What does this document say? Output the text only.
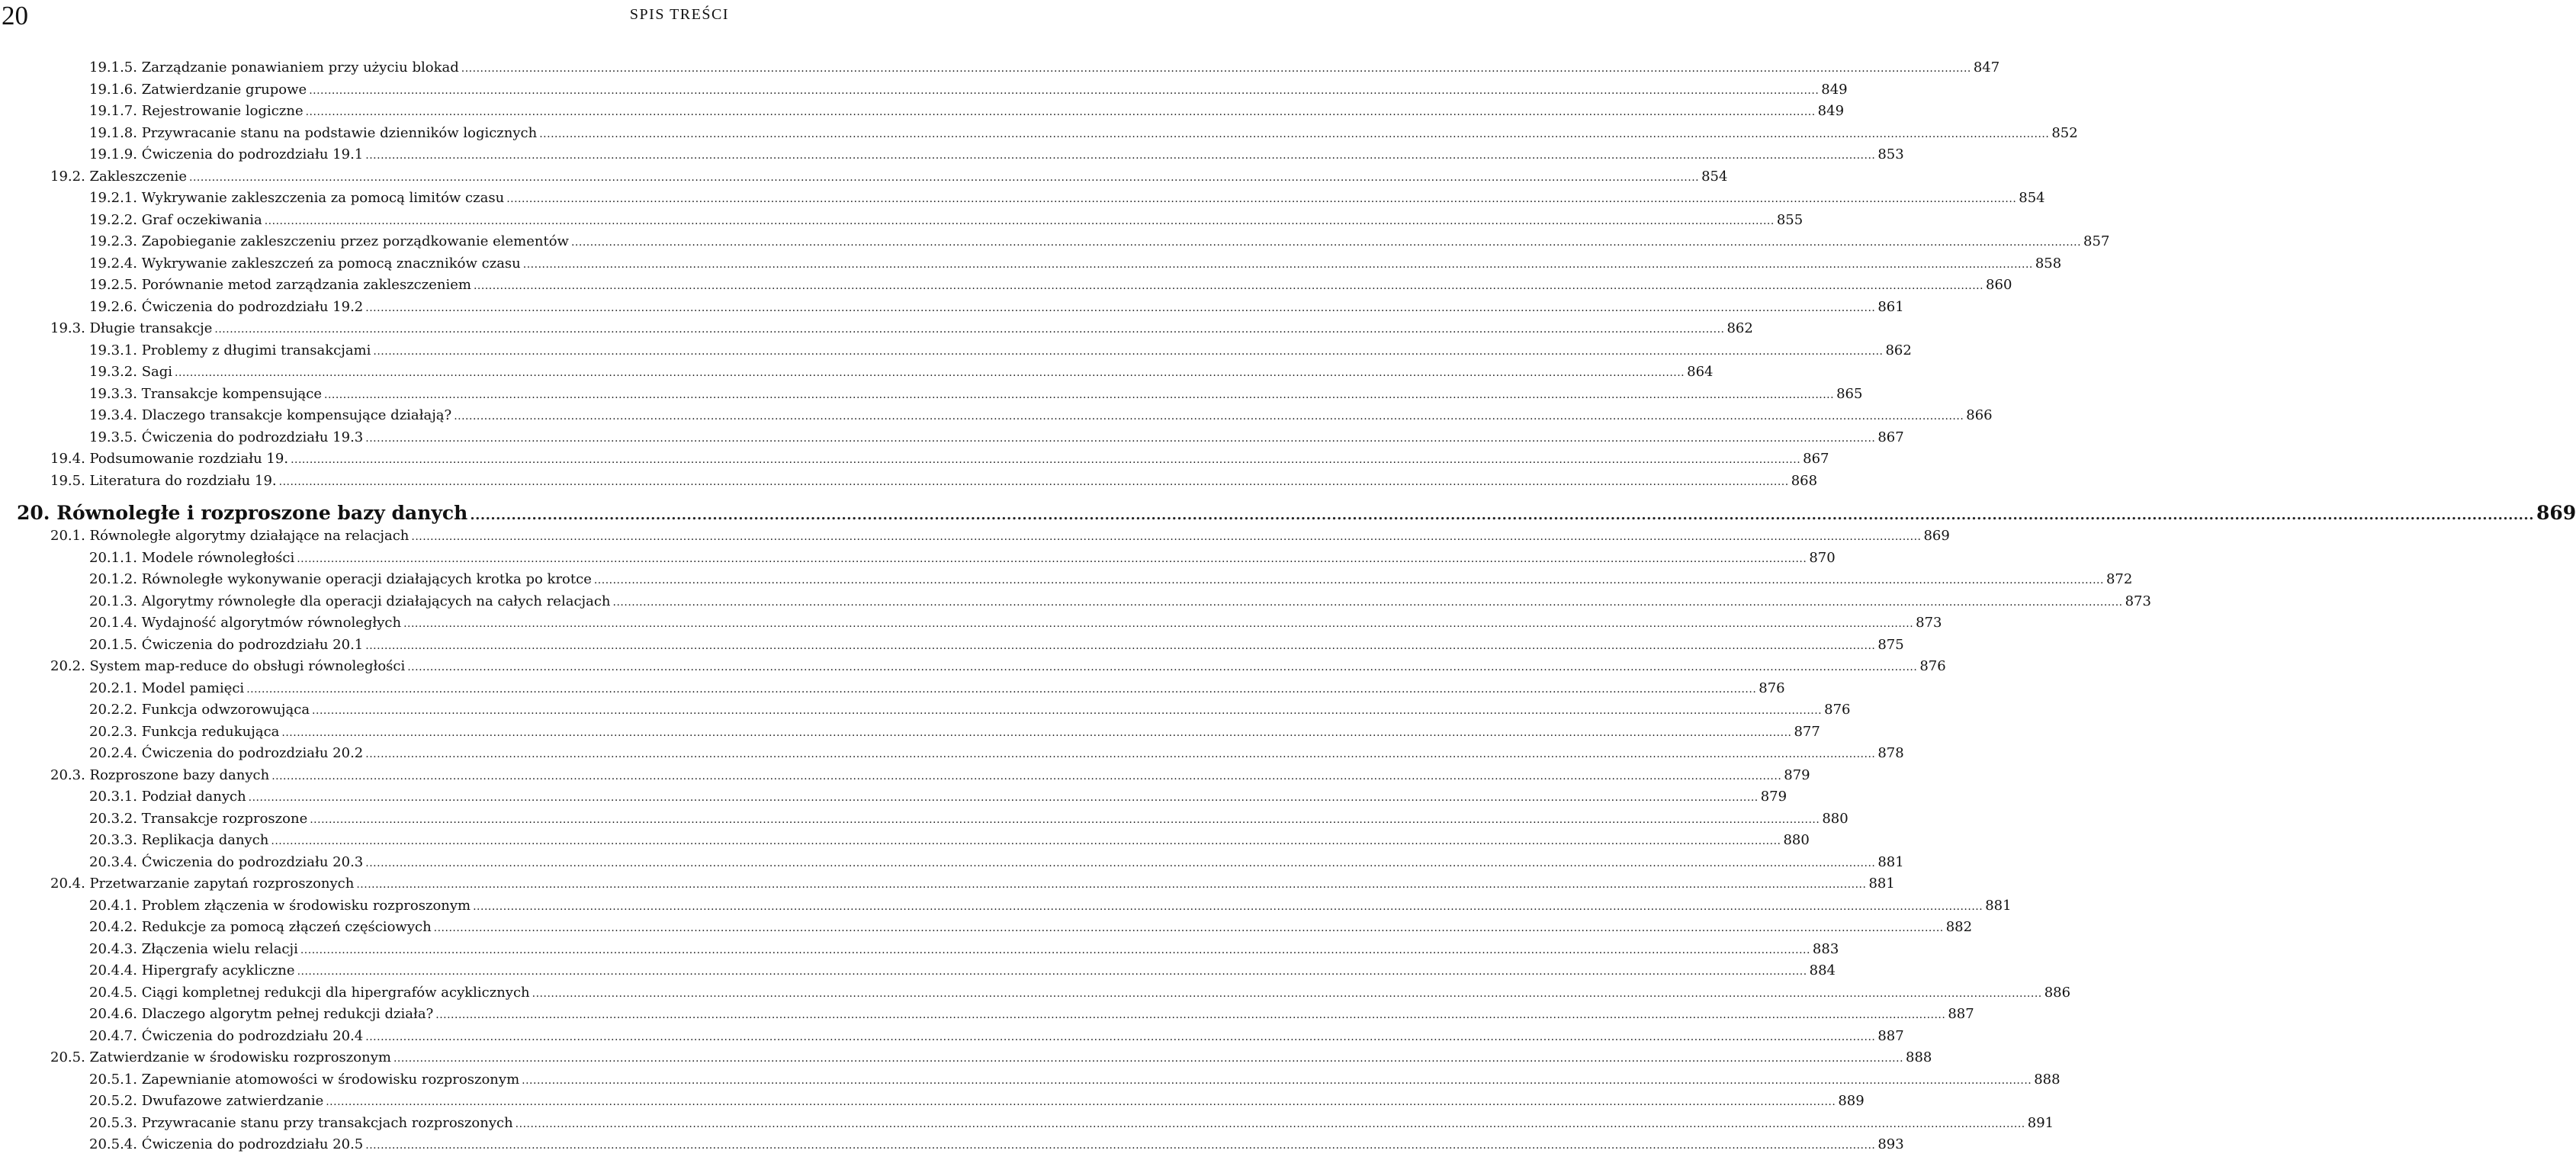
20	SPIS TREŚCI
19.1.5. Zarządzanie ponawianiem przy użyciu blokad ................................................................................................................................................................................................................................................................................................................................................................................................................ 847
19.1.6. Zatwierdzanie grupowe ................................................................................................................................................................................................................................................................................................................................................................................................................ 849
19.1.7. Rejestrowanie logiczne ................................................................................................................................................................................................................................................................................................................................................................................................................ 849
19.1.8. Przywracanie stanu na podstawie dzienników logicznych ................................................................................................................................................................................................................................................................................................................................................................................................................ 852
19.1.9. Ćwiczenia do podrozdziału 19.1 ................................................................................................................................................................................................................................................................................................................................................................................................................ 853
19.2. Zakleszczenie ................................................................................................................................................................................................................................................................................................................................................................................................................ 854
19.2.1. Wykrywanie zakleszczenia za pomocą limitów czasu ................................................................................................................................................................................................................................................................................................................................................................................................................ 854
19.2.2. Graf oczekiwania ................................................................................................................................................................................................................................................................................................................................................................................................................ 855
19.2.3. Zapobieganie zakleszczeniu przez porządkowanie elementów ................................................................................................................................................................................................................................................................................................................................................................................................................ 857
19.2.4. Wykrywanie zakleszczeń za pomocą znaczników czasu ................................................................................................................................................................................................................................................................................................................................................................................................................ 858
19.2.5. Porównanie metod zarządzania zakleszczeniem ................................................................................................................................................................................................................................................................................................................................................................................................................ 860
19.2.6. Ćwiczenia do podrozdziału 19.2 ................................................................................................................................................................................................................................................................................................................................................................................................................ 861
19.3. Długie transakcje ................................................................................................................................................................................................................................................................................................................................................................................................................ 862
19.3.1. Problemy z długimi transakcjami ................................................................................................................................................................................................................................................................................................................................................................................................................ 862
19.3.2. Sagi ................................................................................................................................................................................................................................................................................................................................................................................................................ 864
19.3.3. Transakcje kompensujące ................................................................................................................................................................................................................................................................................................................................................................................................................ 865
19.3.4. Dlaczego transakcje kompensujące działają? ................................................................................................................................................................................................................................................................................................................................................................................................................ 866
19.3.5. Ćwiczenia do podrozdziału 19.3 ................................................................................................................................................................................................................................................................................................................................................................................................................ 867
19.4. Podsumowanie rozdziału 19. ................................................................................................................................................................................................................................................................................................................................................................................................................ 867
19.5. Literatura do rozdziału 19. ................................................................................................................................................................................................................................................................................................................................................................................................................ 868
20. Równoległe i rozproszone bazy danych ................................................................................................................................................................................................................................................................................................................................................................................................................ 869
20.1. Równoległe algorytmy działające na relacjach ................................................................................................................................................................................................................................................................................................................................................................................................................ 869
20.1.1. Modele równoległości ................................................................................................................................................................................................................................................................................................................................................................................................................ 870
20.1.2. Równoległe wykonywanie operacji działających krotka po krotce ................................................................................................................................................................................................................................................................................................................................................................................................................ 872
20.1.3. Algorytmy równoległe dla operacji działających na całych relacjach ................................................................................................................................................................................................................................................................................................................................................................................................................ 873
20.1.4. Wydajność algorytmów równoległych ................................................................................................................................................................................................................................................................................................................................................................................................................ 873
20.1.5. Ćwiczenia do podrozdziału 20.1 ................................................................................................................................................................................................................................................................................................................................................................................................................ 875
20.2. System map-reduce do obsługi równoległości ................................................................................................................................................................................................................................................................................................................................................................................................................ 876
20.2.1. Model pamięci ................................................................................................................................................................................................................................................................................................................................................................................................................ 876
20.2.2. Funkcja odwzorowująca ................................................................................................................................................................................................................................................................................................................................................................................................................ 876
20.2.3. Funkcja redukująca ................................................................................................................................................................................................................................................................................................................................................................................................................ 877
20.2.4. Ćwiczenia do podrozdziału 20.2 ................................................................................................................................................................................................................................................................................................................................................................................................................ 878
20.3. Rozproszone bazy danych ................................................................................................................................................................................................................................................................................................................................................................................................................ 879
20.3.1. Podział danych ................................................................................................................................................................................................................................................................................................................................................................................................................ 879
20.3.2. Transakcje rozproszone ................................................................................................................................................................................................................................................................................................................................................................................................................ 880
20.3.3. Replikacja danych ................................................................................................................................................................................................................................................................................................................................................................................................................ 880
20.3.4. Ćwiczenia do podrozdziału 20.3 ................................................................................................................................................................................................................................................................................................................................................................................................................ 881
20.4. Przetwarzanie zapytań rozproszonych ................................................................................................................................................................................................................................................................................................................................................................................................................ 881
20.4.1. Problem złączenia w środowisku rozproszonym ................................................................................................................................................................................................................................................................................................................................................................................................................ 881
20.4.2. Redukcje za pomocą złączeń częściowych ................................................................................................................................................................................................................................................................................................................................................................................................................ 882
20.4.3. Złączenia wielu relacji ................................................................................................................................................................................................................................................................................................................................................................................................................ 883
20.4.4. Hipergrafy acykliczne ................................................................................................................................................................................................................................................................................................................................................................................................................ 884
20.4.5. Ciągi kompletnej redukcji dla hipergrafów acyklicznych ................................................................................................................................................................................................................................................................................................................................................................................................................ 886
20.4.6. Dlaczego algorytm pełnej redukcji działa? ................................................................................................................................................................................................................................................................................................................................................................................................................ 887
20.4.7. Ćwiczenia do podrozdziału 20.4 ................................................................................................................................................................................................................................................................................................................................................................................................................ 887
20.5. Zatwierdzanie w środowisku rozproszonym ................................................................................................................................................................................................................................................................................................................................................................................................................ 888
20.5.1. Zapewnianie atomowości w środowisku rozproszonym ................................................................................................................................................................................................................................................................................................................................................................................................................ 888
20.5.2. Dwufazowe zatwierdzanie ................................................................................................................................................................................................................................................................................................................................................................................................................ 889
20.5.3. Przywracanie stanu przy transakcjach rozproszonych ................................................................................................................................................................................................................................................................................................................................................................................................................ 891
20.5.4. Ćwiczenia do podrozdziału 20.5 ................................................................................................................................................................................................................................................................................................................................................................................................................ 893
